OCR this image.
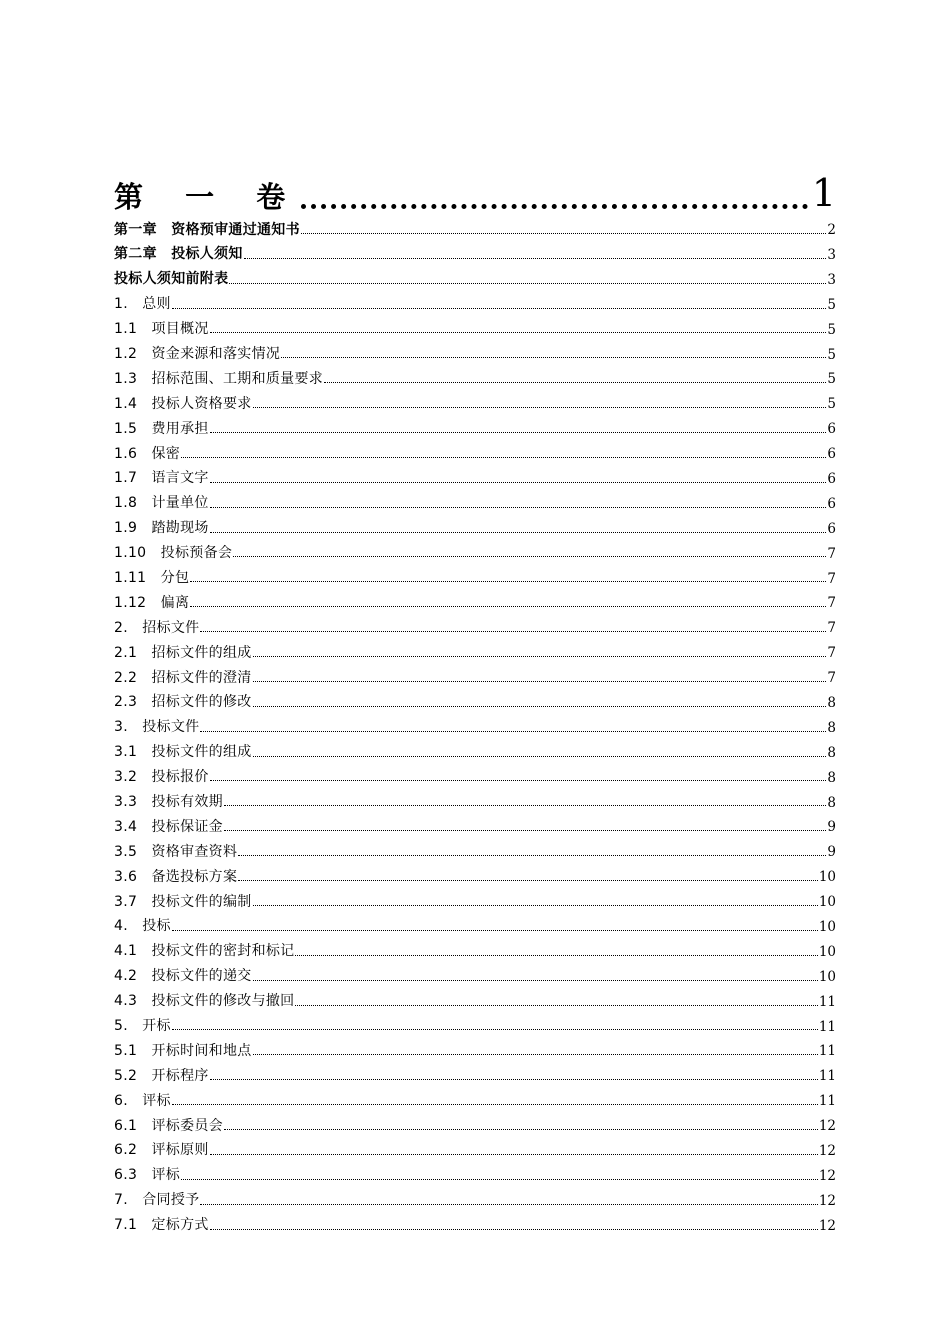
第 一 卷	1
第一章　资格预审通过通知书	2
第二章　投标人须知	3
投标人须知前附表	3
1.　总则	5
1.1　项目概况	5
1.2　资金来源和落实情况	5
1.3　招标范围、工期和质量要求	5
1.4　投标人资格要求	5
1.5　费用承担	6
1.6　保密	6
1.7　语言文字	6
1.8　计量单位	6
1.9　踏勘现场	6
1.10　投标预备会	7
1.11　分包	7
1.12　偏离	7
2.　招标文件	7
2.1　招标文件的组成	7
2.2　招标文件的澄清	7
2.3　招标文件的修改	8
3.　投标文件	8
3.1　投标文件的组成	8
3.2　投标报价	8
3.3　投标有效期	8
3.4　投标保证金	9
3.5　资格审查资料	9
3.6　备选投标方案	10
3.7　投标文件的编制	10
4.　投标	10
4.1　投标文件的密封和标记	10
4.2　投标文件的递交	10
4.3　投标文件的修改与撤回	11
5.　开标	11
5.1　开标时间和地点	11
5.2　开标程序	11
6.　评标	11
6.1　评标委员会	12
6.2　评标原则	12
6.3　评标	12
7.　合同授予	12
7.1　定标方式	12
